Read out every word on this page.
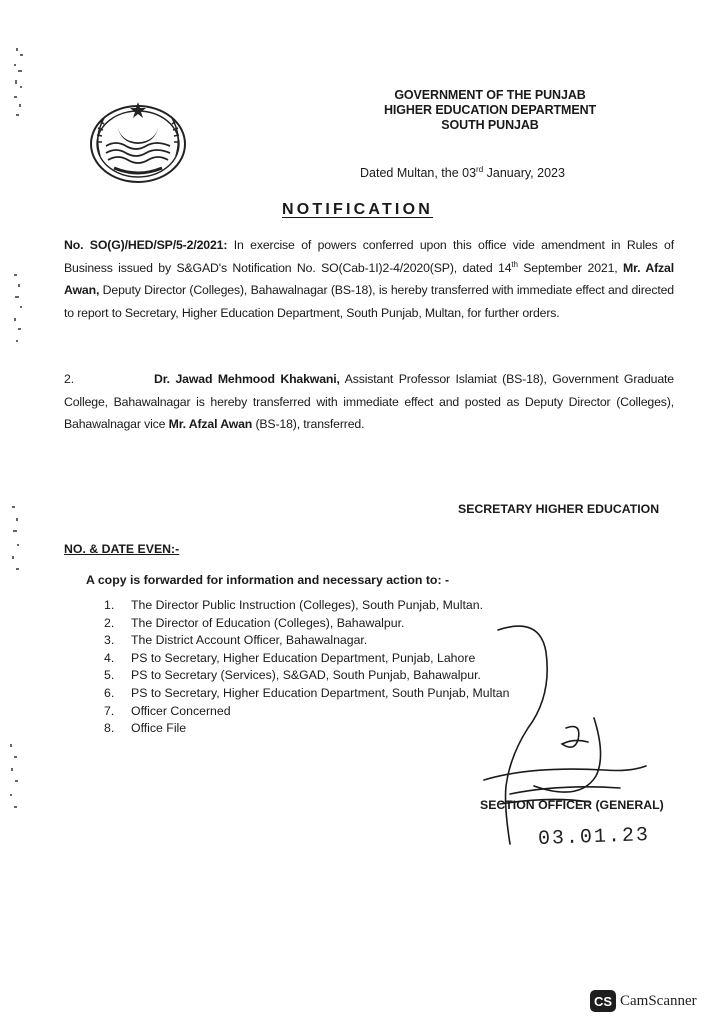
GOVERNMENT OF THE PUNJAB
HIGHER EDUCATION DEPARTMENT
SOUTH PUNJAB
Dated Multan, the 03rd January, 2023
NOTIFICATION
No. SO(G)/HED/SP/5-2/2021: In exercise of powers conferred upon this office vide amendment in Rules of Business issued by S&GAD's Notification No. SO(Cab-1I)2-4/2020(SP), dated 14th September 2021, Mr. Afzal Awan, Deputy Director (Colleges), Bahawalnagar (BS-18), is hereby transferred with immediate effect and directed to report to Secretary, Higher Education Department, South Punjab, Multan, for further orders.
2.	Dr. Jawad Mehmood Khakwani, Assistant Professor Islamiat (BS-18), Government Graduate College, Bahawalnagar is hereby transferred with immediate effect and posted as Deputy Director (Colleges), Bahawalnagar vice Mr. Afzal Awan (BS-18), transferred.
SECRETARY HIGHER EDUCATION
NO. & DATE EVEN:-
A copy is forwarded for information and necessary action to: -
1.	The Director Public Instruction (Colleges), South Punjab, Multan.
2.	The Director of Education (Colleges), Bahawalpur.
3.	The District Account Officer, Bahawalnagar.
4.	PS to Secretary, Higher Education Department, Punjab, Lahore
5.	PS to Secretary (Services), S&GAD, South Punjab, Bahawalpur.
6.	PS to Secretary, Higher Education Department, South Punjab, Multan
7.	Officer Concerned
8.	Office File
SECTION OFFICER (GENERAL)
03.01.23
CS CamScanner
